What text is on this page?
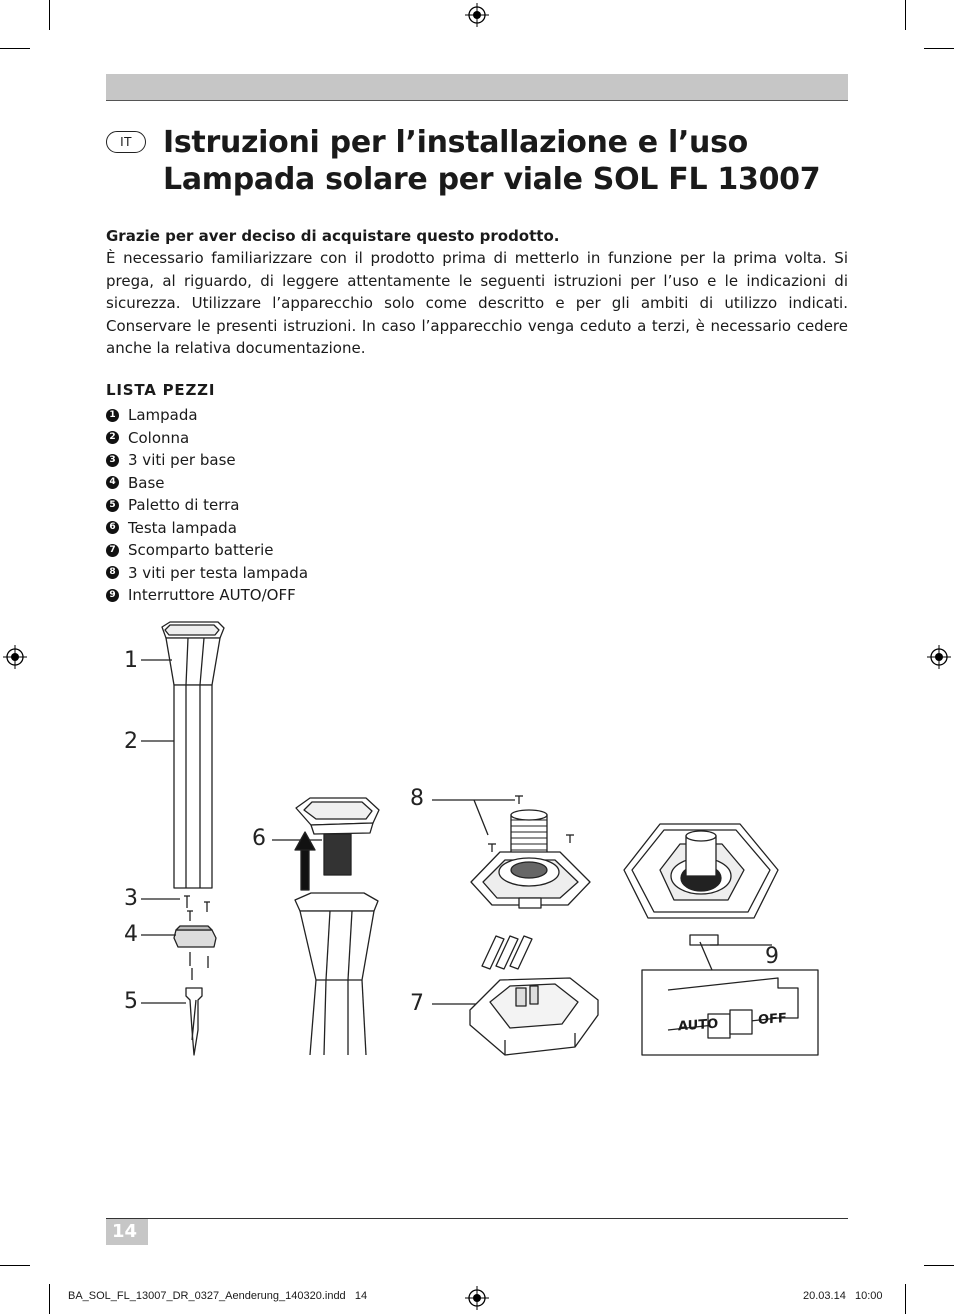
IT	Istruzioni per l’installazione e l’uso
Lampada solare per viale SOL FL 13007
Grazie per aver deciso di acquistare questo prodotto.

È necessario familiarizzare con il prodotto prima di metterlo in funzione per la prima volta. Si prega, al riguardo, di leggere attentamente le seguenti istruzioni per l’uso e le indicazioni di sicurezza. Utilizzare l’apparecchio solo come descritto e per gli ambiti di utilizzo indicati. Conservare le presenti istruzioni. In caso l’apparecchio venga ceduto a terzi, è necessario cedere anche la relativa documentazione.

LISTA PEZZI
1 Lampada
2 Colonna
3 3 viti per base
4 Base
5 Paletto di terra
6 Testa lampada
7 Scomparto batterie
8 3 viti per testa lampada
9 Interruttore AUTO/OFF
1
2
3
4
5
6
7
8
9
AUTO	OFF
14
BA_SOL_FL_13007_DR_0327_Aenderung_140320.indd   14	20.03.14   10:00
